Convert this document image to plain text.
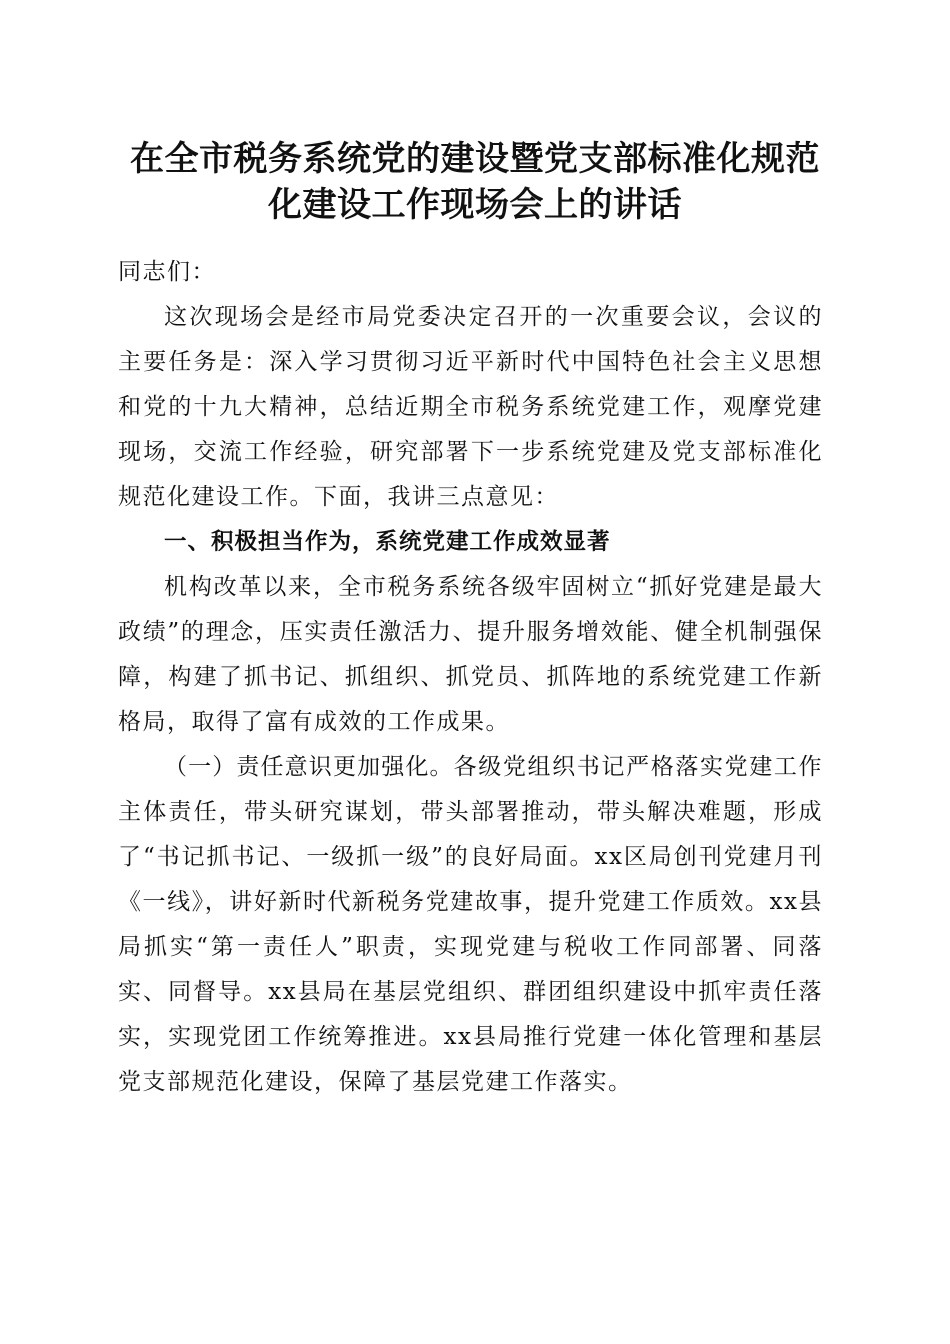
在全市税务系统党的建设暨党支部标准化规范
化建设工作现场会上的讲话

同志们：

这次现场会是经市局党委决定召开的一次重要会议，会议的主要任务是：深入学习贯彻习近平新时代中国特色社会主义思想和党的十九大精神，总结近期全市税务系统党建工作，观摩党建现场，交流工作经验，研究部署下一步系统党建及党支部标准化规范化建设工作。下面，我讲三点意见：

一、积极担当作为，系统党建工作成效显著

机构改革以来，全市税务系统各级牢固树立“抓好党建是最大政绩”的理念，压实责任激活力、提升服务增效能、健全机制强保障，构建了抓书记、抓组织、抓党员、抓阵地的系统党建工作新格局，取得了富有成效的工作成果。

（一）责任意识更加强化。各级党组织书记严格落实党建工作主体责任，带头研究谋划，带头部署推动，带头解决难题，形成了“书记抓书记、一级抓一级”的良好局面。xx区局创刊党建月刊《一线》，讲好新时代新税务党建故事，提升党建工作质效。xx县局抓实“第一责任人”职责，实现党建与税收工作同部署、同落实、同督导。xx县局在基层党组织、群团组织建设中抓牢责任落实，实现党团工作统筹推进。xx县局推行党建一体化管理和基层党支部规范化建设，保障了基层党建工作落实。
